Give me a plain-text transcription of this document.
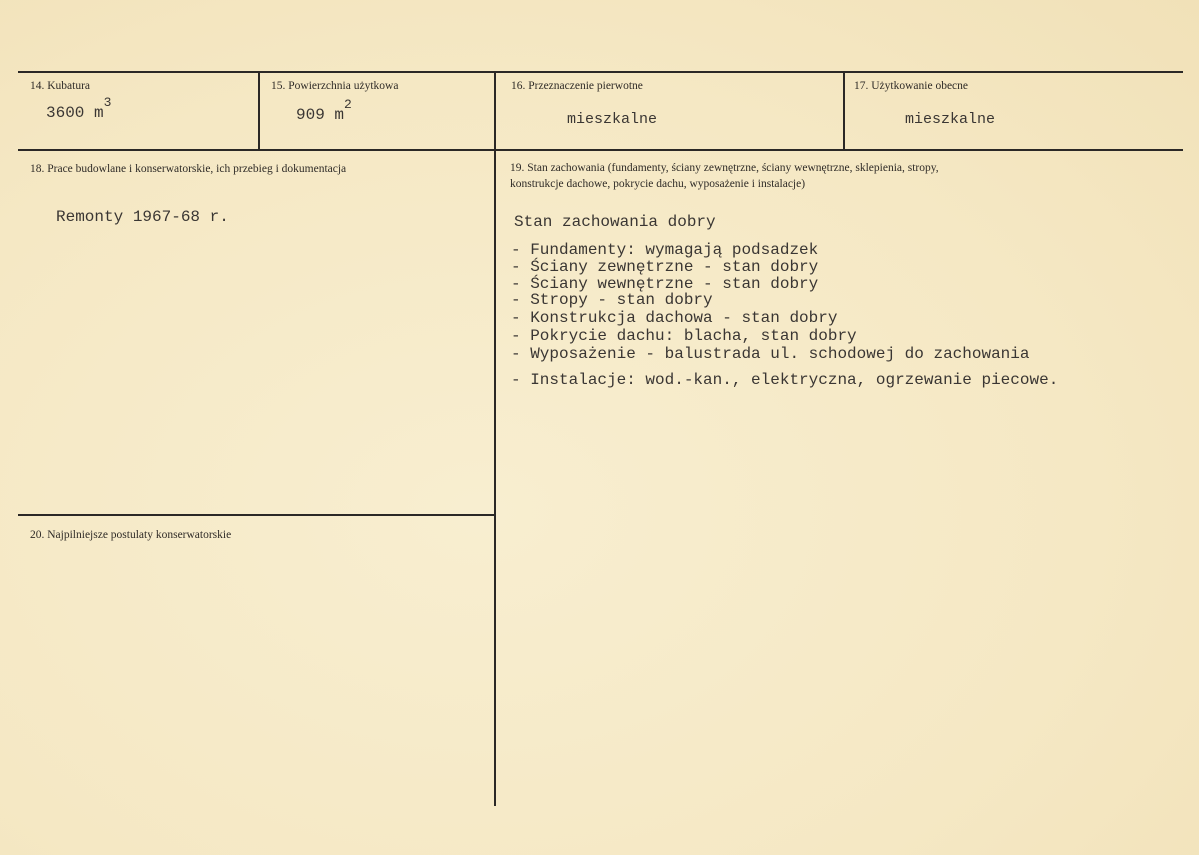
14. Kubatura
3600 $m^3$
15. Powierzchnia użytkowa
909 $m^2$
16. Przeznaczenie pierwotne
mieszkalne
17. Użytkowanie obecne
mieszkalne
18. Prace budowlane i konserwatorskie, ich przebieg i dokumentacja
Remonty 1967-68 r.
19. Stan zachowania (fundamenty, ściany zewnętrzne, ściany wewnętrzne, sklepienia, stropy,
konstrukcje dachowe, pokrycie dachu, wyposażenie i instalacje)
Stan zachowania dobry
- Fundamenty: wymagają podsadzek
- Ściany zewnętrzne - stan dobry
- Ściany wewnętrzne - stan dobry
- Stropy - stan dobry
- Konstrukcja dachowa - stan dobry
- Pokrycie dachu: blacha, stan dobry
- Wyposażenie - balustrada ul. schodowej do zachowania
- Instalacje: wod.-kan., elektryczna, ogrzewanie piecowe.
20. Najpilniejsze postulaty konserwatorskie
